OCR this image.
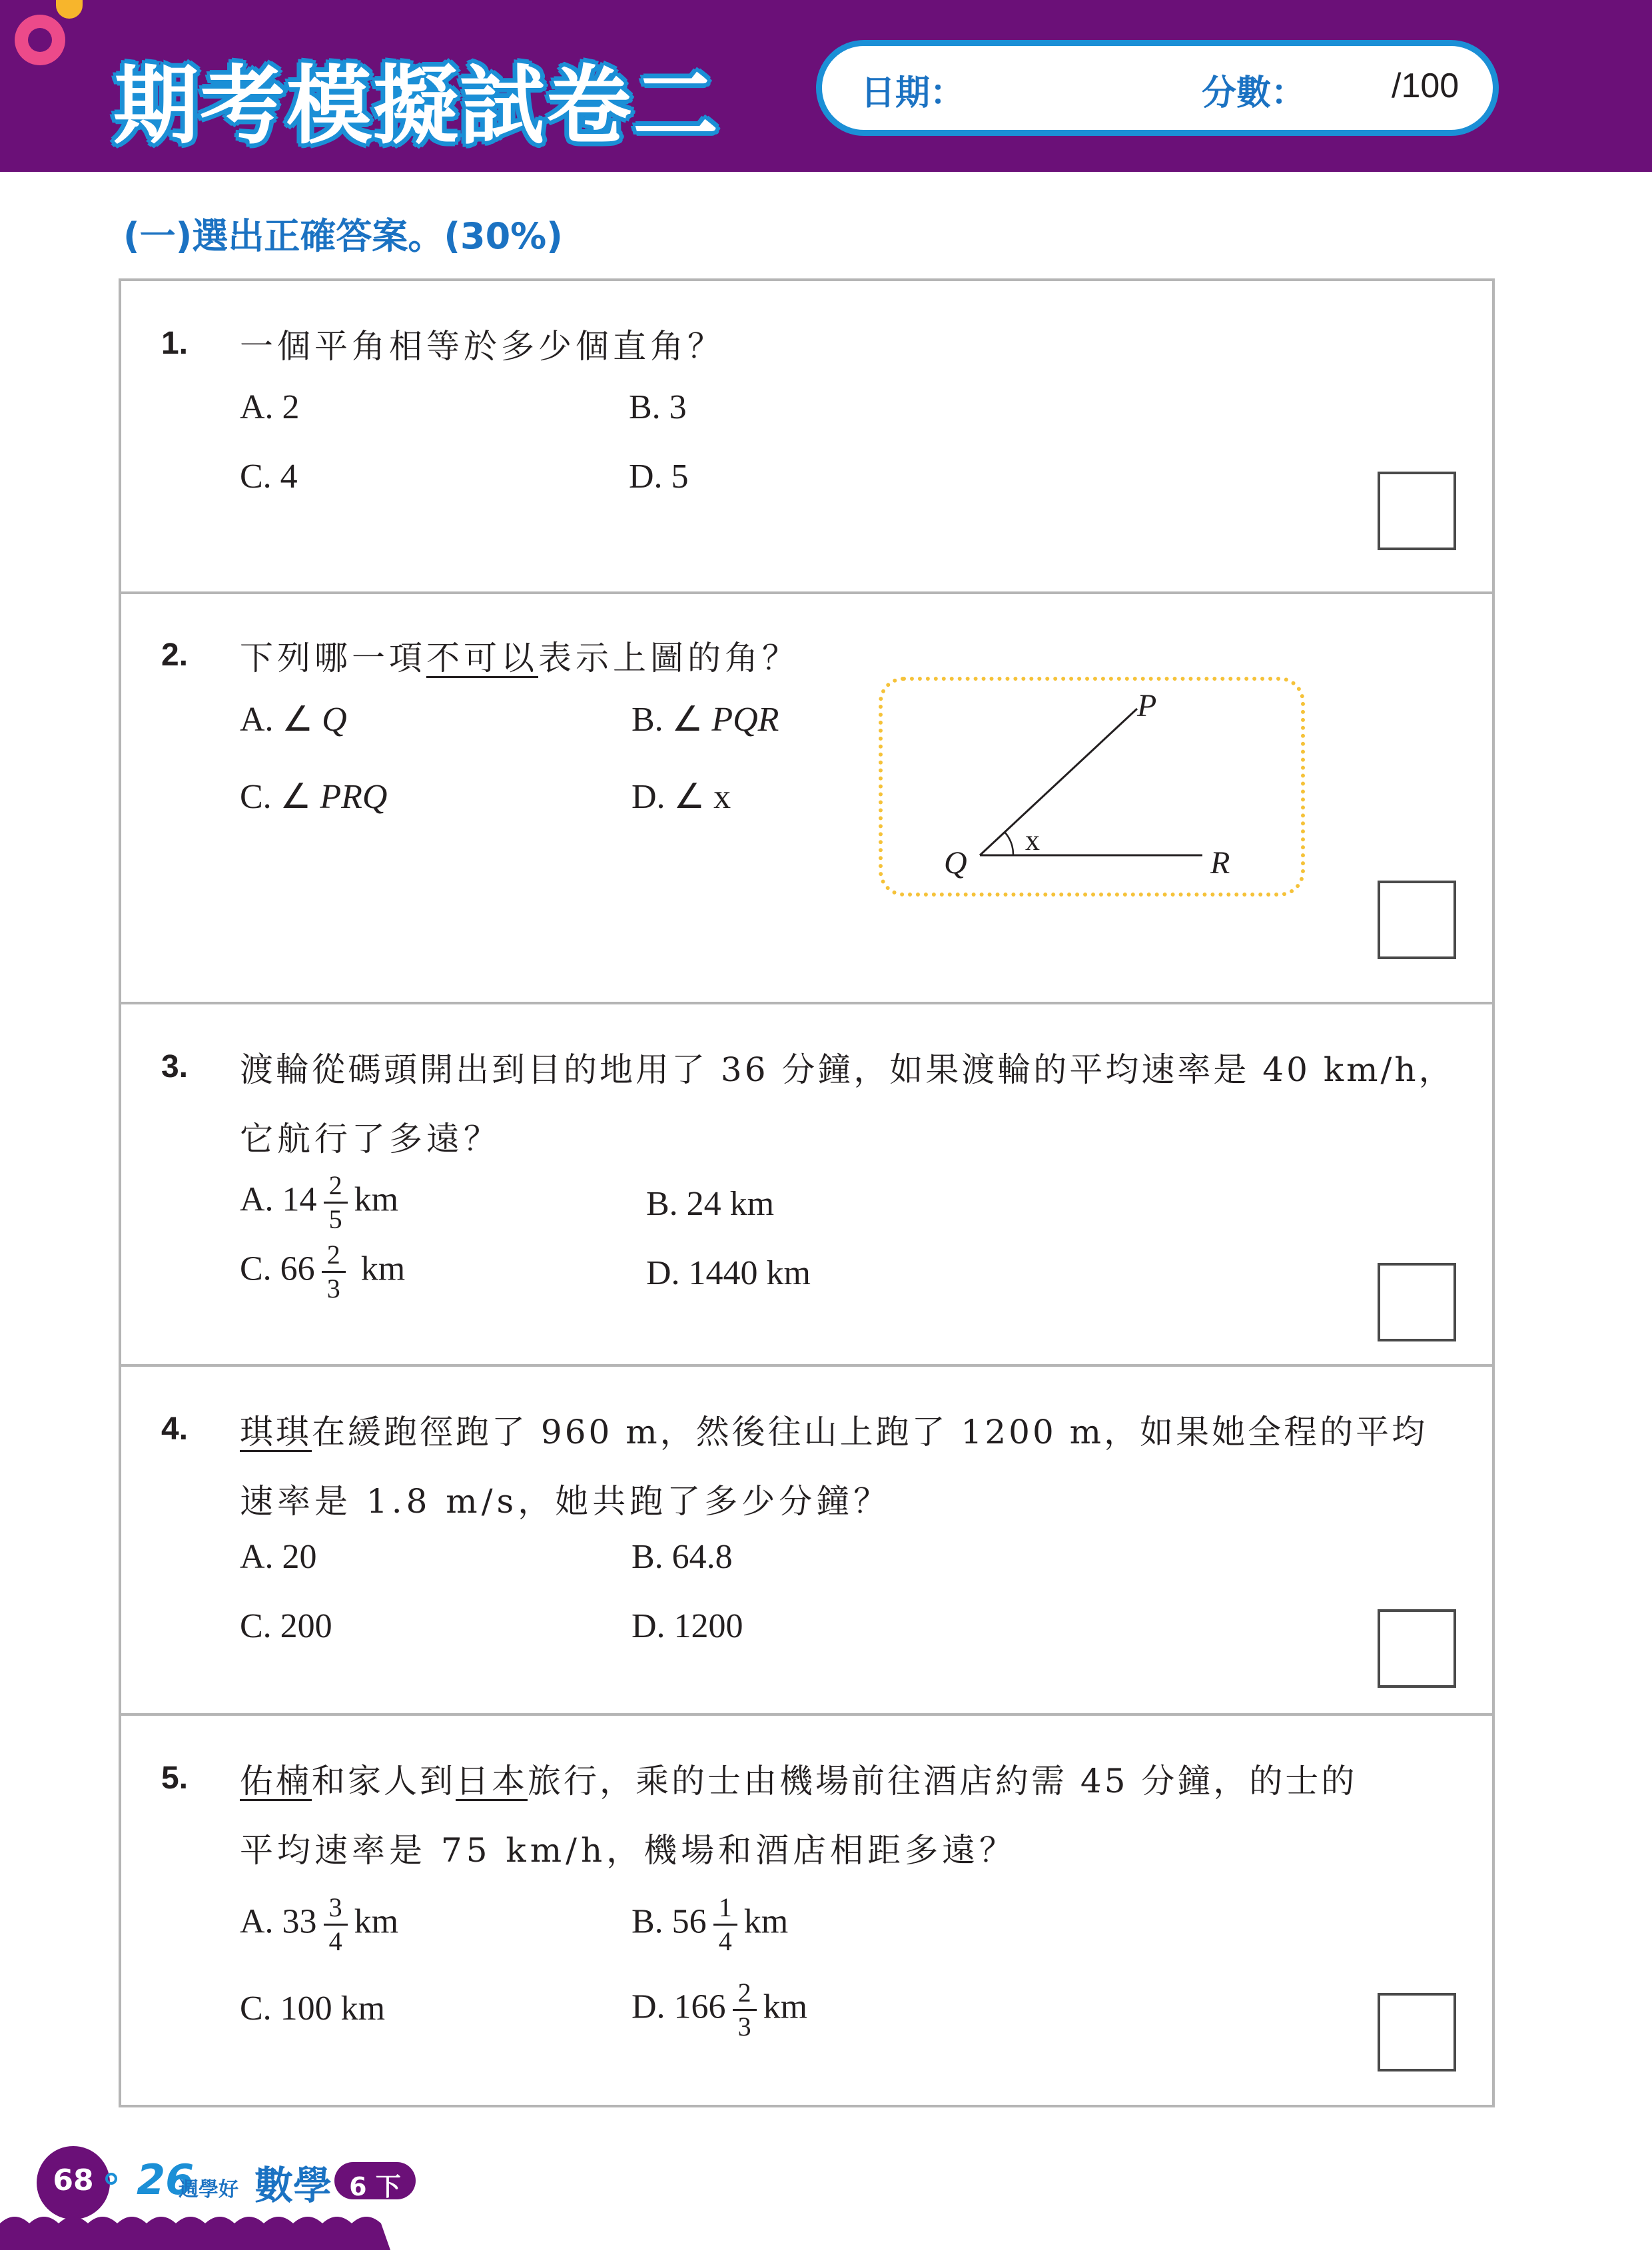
期考模擬試卷二	日期：	分數： /100
(一)選出正確答案。(30%)
1. 一個平角相等於多少個直角？
A. 2	B. 3
C. 4	D. 5
2. 下列哪一項不可以表示上圖的角？
A. ∠ Q	B. ∠ PQR
C. ∠ PRQ	D. ∠ x
P
Q	R
x
3. 渡輪從碼頭開出到目的地用了 36 分鐘，如果渡輪的平均速率是 40 km/h，
它航行了多遠？
A. $14 \frac{2}{5}$ km	B. 24 km
C. $66 \frac{2}{3}$ km	D. 1440 km
4. 琪琪在緩跑徑跑了 960 m，然後往山上跑了 1200 m，如果她全程的平均
速率是 1.8 m/s，她共跑了多少分鐘？
A. 20	B. 64.8
C. 200	D. 1200
5. 佑楠和家人到日本旅行，乘的士由機場前往酒店約需 45 分鐘，的士的
平均速率是 75 km/h，機場和酒店相距多遠？
A. $33 \frac{3}{4}$ km	B. $56 \frac{1}{4}$ km
C. 100 km	D. $166 \frac{2}{3}$ km
68	26
週學好 數學 6 下
